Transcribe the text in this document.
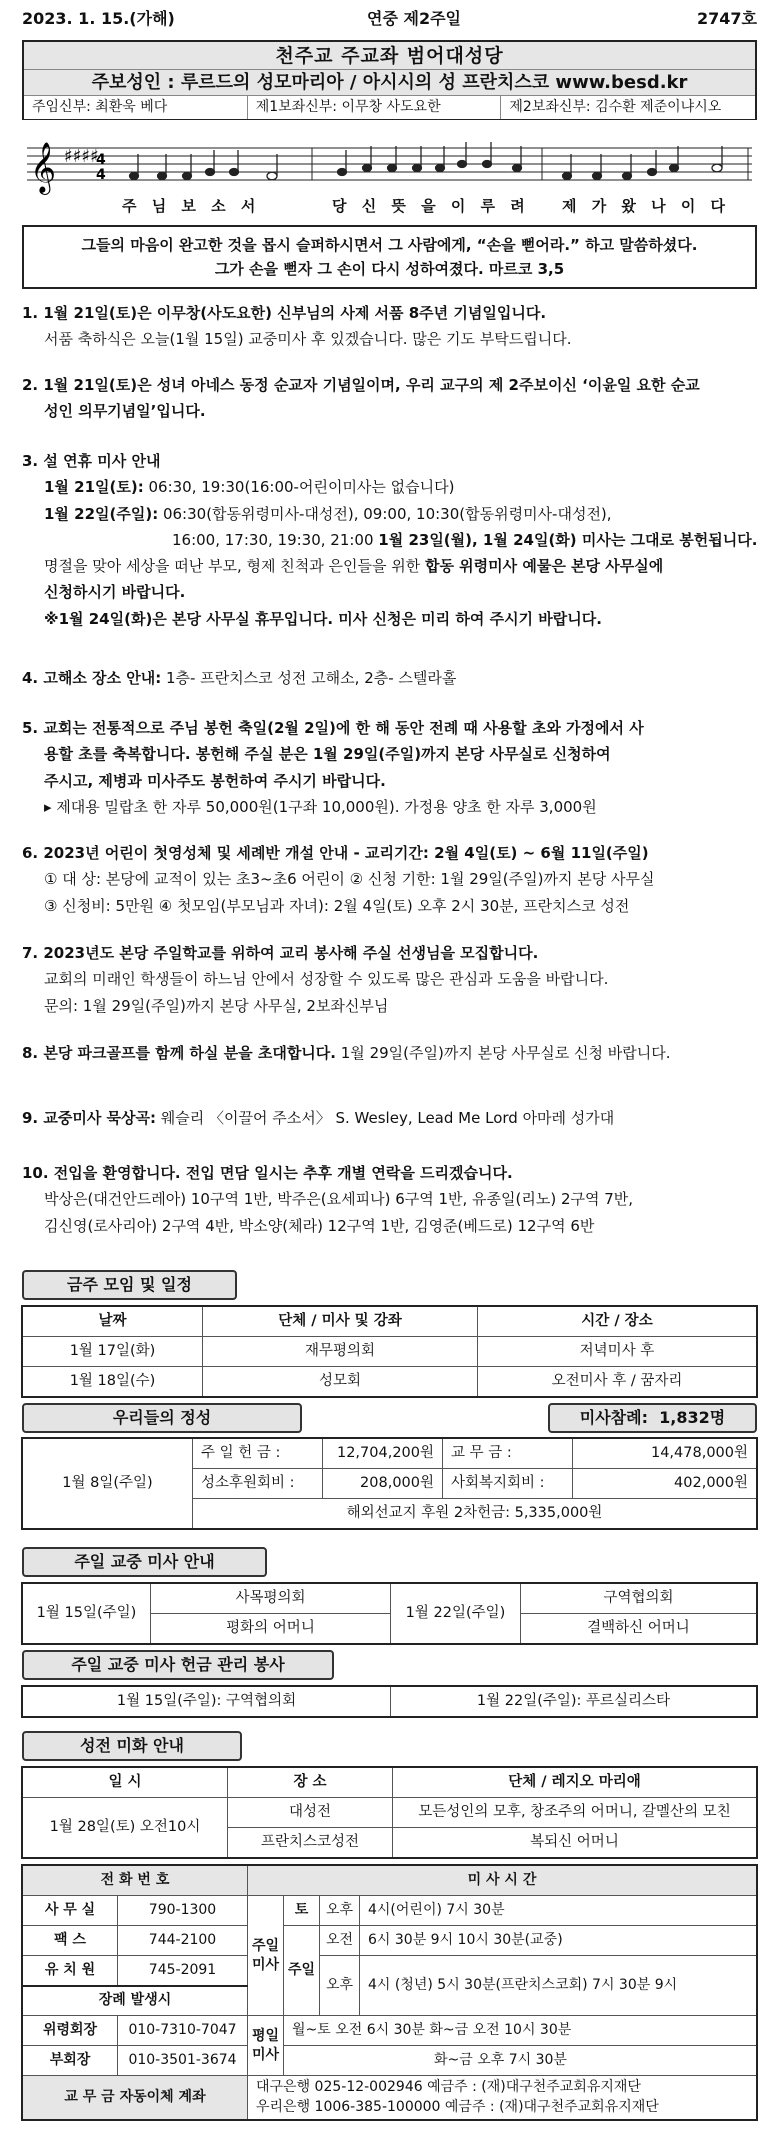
2023. 1. 15.(가해)	연중 제2주일	2747호
천주교 주교좌 범어대성당
주보성인 : 루르드의 성모마리아 / 아시시의 성 프란치스코 www.besd.kr
주임신부: 최환욱 베다	제1보좌신부: 이무창 사도요한	제2보좌신부: 김수환 제준이냐시오
𝄞 ♯♯♯♯
4
4
주 님 보 소 서	당 신 뜻 을 이 루 려 제 가 왔 나 이 다
그들의 마음이 완고한 것을 몹시 슬퍼하시면서 그 사람에게, “손을 뻗어라.” 하고 말씀하셨다.
그가 손을 뻗자 그 손이 다시 성하여졌다. 마르코 3,5
1. 1월 21일(토)은 이무창(사도요한) 신부님의 사제 서품 8주년 기념일입니다.
서품 축하식은 오늘(1월 15일) 교중미사 후 있겠습니다. 많은 기도 부탁드립니다.
2. 1월 21일(토)은 성녀 아네스 동정 순교자 기념일이며, 우리 교구의 제 2주보이신 ‘이윤일 요한 순교
성인 의무기념일’입니다.
3. 설 연휴 미사 안내
1월 21일(토): 06:30, 19:30(16:00-어린이미사는 없습니다)
1월 22일(주일): 06:30(합동위령미사-대성전), 09:00, 10:30(합동위령미사-대성전),
16:00, 17:30, 19:30, 21:00 1월 23일(월), 1월 24일(화) 미사는 그대로 봉헌됩니다.
명절을 맞아 세상을 떠난 부모, 형제 친척과 은인들을 위한 합동 위령미사 예물은 본당 사무실에
신청하시기 바랍니다.
※1월 24일(화)은 본당 사무실 휴무입니다. 미사 신청은 미리 하여 주시기 바랍니다.
4. 고해소 장소 안내: 1층- 프란치스코 성전 고해소, 2층- 스텔라홀
5. 교회는 전통적으로 주님 봉헌 축일(2월 2일)에 한 해 동안 전례 때 사용할 초와 가정에서 사
용할 초를 축복합니다. 봉헌해 주실 분은 1월 29일(주일)까지 본당 사무실로 신청하여
주시고, 제병과 미사주도 봉헌하여 주시기 바랍니다.
▸ 제대용 밀랍초 한 자루 50,000원(1구좌 10,000원). 가정용 양초 한 자루 3,000원
6. 2023년 어린이 첫영성체 및 세례반 개설 안내 - 교리기간: 2월 4일(토) ~ 6월 11일(주일)
① 대 상: 본당에 교적이 있는 초3~초6 어린이 ② 신청 기한: 1월 29일(주일)까지 본당 사무실
③ 신청비: 5만원 ④ 첫모임(부모님과 자녀): 2월 4일(토) 오후 2시 30분, 프란치스코 성전
7. 2023년도 본당 주일학교를 위하여 교리 봉사해 주실 선생님을 모집합니다.
교회의 미래인 학생들이 하느님 안에서 성장할 수 있도록 많은 관심과 도움을 바랍니다.
문의: 1월 29일(주일)까지 본당 사무실, 2보좌신부님
8. 본당 파크골프를 함께 하실 분을 초대합니다. 1월 29일(주일)까지 본당 사무실로 신청 바랍니다.
9. 교중미사 묵상곡: 웨슬리 〈이끌어 주소서〉 S. Wesley, Lead Me Lord 아마레 성가대
10. 전입을 환영합니다. 전입 면담 일시는 추후 개별 연락을 드리겠습니다.
박상은(대건안드레아) 10구역 1반, 박주은(요세피나) 6구역 1반, 유종일(리노) 2구역 7반,
김신영(로사리아) 2구역 4반, 박소양(체라) 12구역 1반, 김영준(베드로) 12구역 6반
금주 모임 및 일정
날짜	단체 / 미사 및 강좌	시간 / 장소
1월 17일(화)	재무평의회	저녁미사 후
1월 18일(수)	성모회	오전미사 후 / 꿈자리
우리들의 정성	미사참례: 1,832명
1월 8일(주일)	주 일 헌 금 :	12,704,200원	교 무 금 :	14,478,000원
	성소후원회비 :	208,000원	사회복지회비 :	402,000원
	해외선교지 후원 2차헌금: 5,335,000원			
주일 교중 미사 안내
1월 15일(주일)	사목평의회	1월 22일(주일)	구역협의회
	평화의 어머니		결백하신 어머니
주일 교중 미사 헌금 관리 봉사
1월 15일(주일): 구역협의회	1월 22일(주일): 푸르실리스타
성전 미화 안내
일 시	장 소	단체 / 레지오 마리애
1월 28일(토) 오전10시	대성전	모든성인의 모후, 창조주의 어머니, 갈멜산의 모친
	프란치스코성전	복되신 어머니
전 화 번 호		미 사 시 간			
사 무 실	790-1300	주일 미사	토	오후	4시(어린이) 7시 30분
팩 스	744-2100		주일	오전	6시 30분 9시 10시 30분(교중)
유 치 원	745-2091			오후	4시 (청년) 5시 30분(프란치스코회) 7시 30분 9시
장례 발생시					
위령회장	010-7310-7047	평일 미사	월~토 오전 6시 30분 화~금 오전 10시 30분		
부회장	010-3501-3674		화~금 오후 7시 30분		
교 무 금 자동이체 계좌		대구은행 025-12-002946 예금주 : (재)대구천주교회유지재단
우리은행 1006-385-100000 예금주 : (재)대구천주교회유지재단			
